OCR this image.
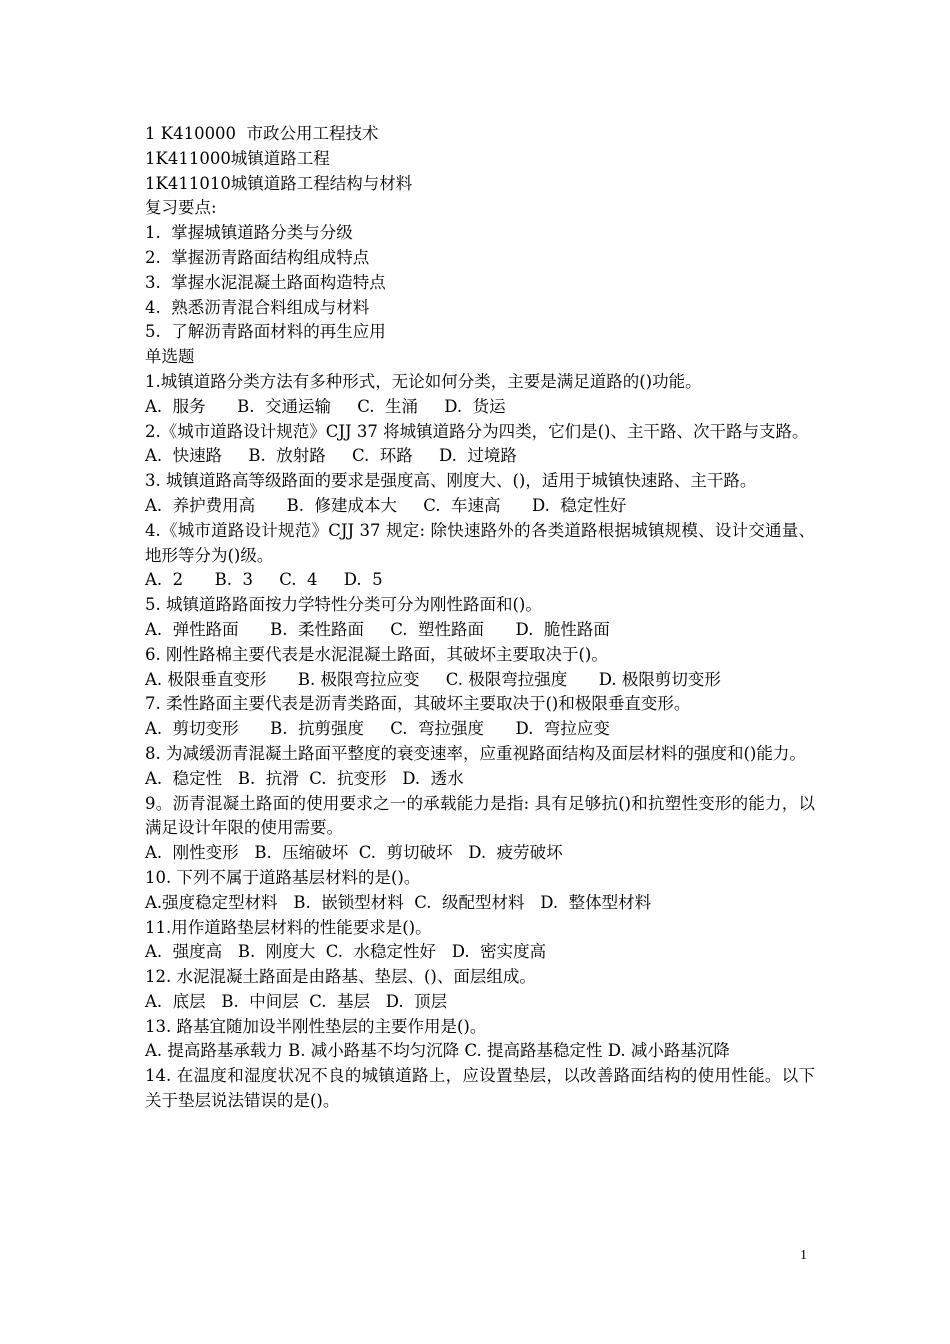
1 K410000  市政公用工程技术

1K411000城镇道路工程

1K411010城镇道路工程结构与材料

复习要点:

1.  掌握城镇道路分类与分级

2.  掌握沥青路面结构组成特点

3.  掌握水泥混凝土路面构造特点

4.  熟悉沥青混合料组成与材料

5.  了解沥青路面材料的再生应用

单选题

1.城镇道路分类方法有多种形式，无论如何分类，主要是满足道路的()功能。

A.  服务      B.  交通运输     C.  生涌     D.  货运

2.《城市道路设计规范》CJJ 37 将城镇道路分为四类，它们是()、主干路、次干路与支路。

A.  快速路     B.  放射路     C.  环路     D.  过境路

3. 城镇道路高等级路面的要求是强度高、刚度大、()，适用于城镇快速路、主干路。

A.  养护费用高      B.  修建成本大     C.  车速高      D.  稳定性好

4.《城市道路设计规范》CJJ 37 规定: 除快速路外的各类道路根据城镇规模、设计交通量、地形等分为()级。

A.  2      B.  3     C.  4     D.  5

5. 城镇道路路面按力学特性分类可分为刚性路面和()。

A.  弹性路面      B.  柔性路面     C.  塑性路面      D.  脆性路面

6. 刚性路棉主要代表是水泥混凝土路面，其破坏主要取决于()。

A. 极限垂直变形      B. 极限弯拉应变     C. 极限弯拉强度      D. 极限剪切变形

7. 柔性路面主要代表是沥青类路面，其破坏主要取决于()和极限垂直变形。

A.  剪切变形      B.  抗剪强度     C.  弯拉强度      D.  弯拉应变

8. 为减缓沥青混凝土路面平整度的衰变速率，应重视路面结构及面层材料的强度和()能力。

A.  稳定性   B.  抗滑  C.  抗变形   D.  透水

9。沥青混凝土路面的使用要求之一的承载能力是指: 具有足够抗()和抗塑性变形的能力，以满足设计年限的使用需要。

A.  刚性变形   B.  压缩破坏  C.  剪切破坏   D.  疲劳破坏

10. 下列不属于道路基层材料的是()。

A.强度稳定型材料   B.  嵌锁型材料  C.  级配型材料   D.  整体型材料

11.用作道路垫层材料的性能要求是()。

A.  强度高   B.  刚度大  C.  水稳定性好   D.  密实度高

12. 水泥混凝土路面是由路基、垫层、()、面层组成。

A.  底层   B.  中间层  C.  基层   D.  顶层

13. 路基宜随加设半刚性垫层的主要作用是()。

A. 提高路基承载力 B. 减小路基不均匀沉降 C. 提高路基稳定性 D. 减小路基沉降

14. 在温度和湿度状况不良的城镇道路上，应设置垫层，以改善路面结构的使用性能。以下关于垫层说法错误的是()。

1
